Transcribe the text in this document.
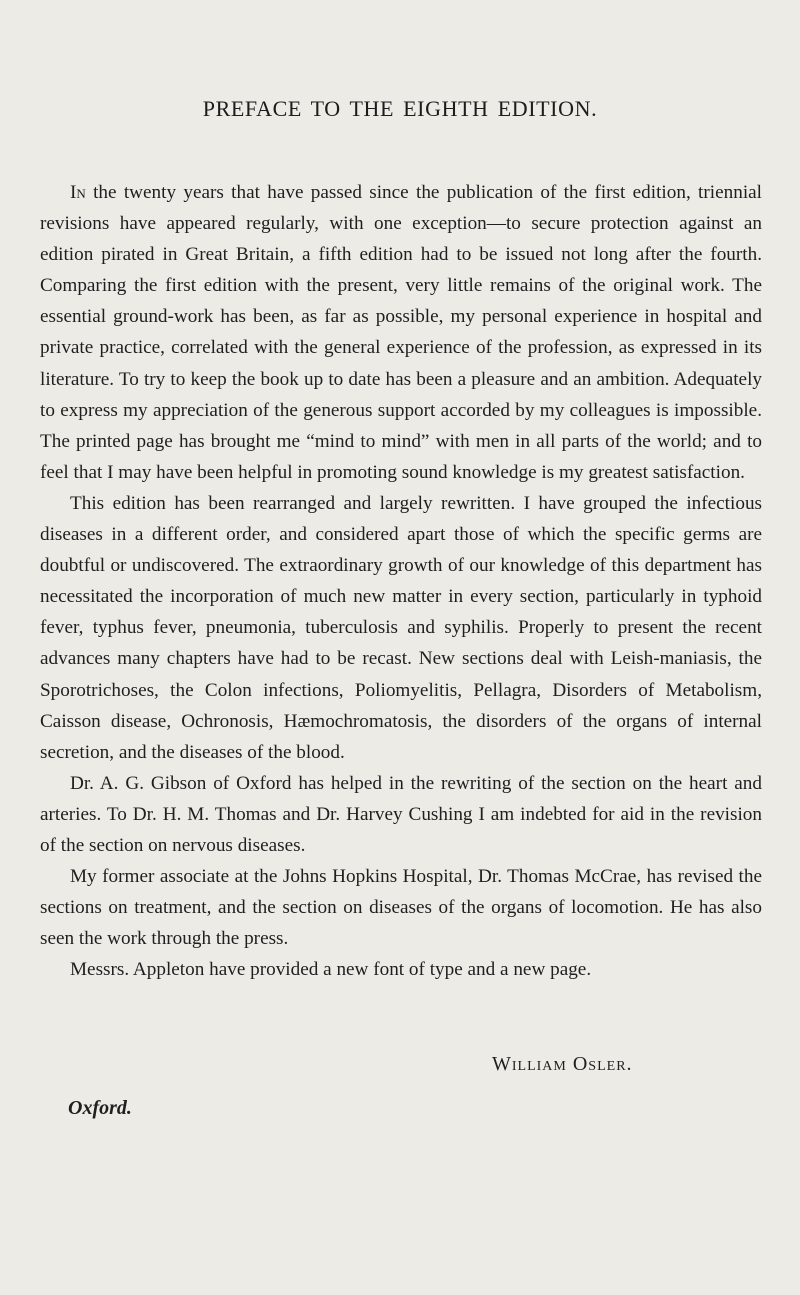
PREFACE TO THE EIGHTH EDITION.

In the twenty years that have passed since the publication of the first edition, triennial revisions have appeared regularly, with one exception—to secure protection against an edition pirated in Great Britain, a fifth edition had to be issued not long after the fourth. Comparing the first edition with the present, very little remains of the original work. The essential ground-work has been, as far as possible, my personal experience in hospital and private practice, correlated with the general experience of the profession, as expressed in its literature. To try to keep the book up to date has been a pleasure and an ambition. Adequately to express my appreciation of the generous support accorded by my colleagues is impossible. The printed page has brought me “mind to mind” with men in all parts of the world; and to feel that I may have been helpful in promoting sound knowledge is my greatest satisfaction.

This edition has been rearranged and largely rewritten. I have grouped the infectious diseases in a different order, and considered apart those of which the specific germs are doubtful or undiscovered. The extraordinary growth of our knowledge of this department has necessitated the incorporation of much new matter in every section, particularly in typhoid fever, typhus fever, pneumonia, tuberculosis and syphilis. Properly to present the recent advances many chapters have had to be recast. New sections deal with Leish-maniasis, the Sporotrichoses, the Colon infections, Poliomyelitis, Pellagra, Disorders of Metabolism, Caisson disease, Ochronosis, Hæmochromatosis, the disorders of the organs of internal secretion, and the diseases of the blood.

Dr. A. G. Gibson of Oxford has helped in the rewriting of the section on the heart and arteries. To Dr. H. M. Thomas and Dr. Harvey Cushing I am indebted for aid in the revision of the section on nervous diseases.

My former associate at the Johns Hopkins Hospital, Dr. Thomas McCrae, has revised the sections on treatment, and the section on diseases of the organs of locomotion. He has also seen the work through the press.

Messrs. Appleton have provided a new font of type and a new page.

William Osler.

Oxford.
